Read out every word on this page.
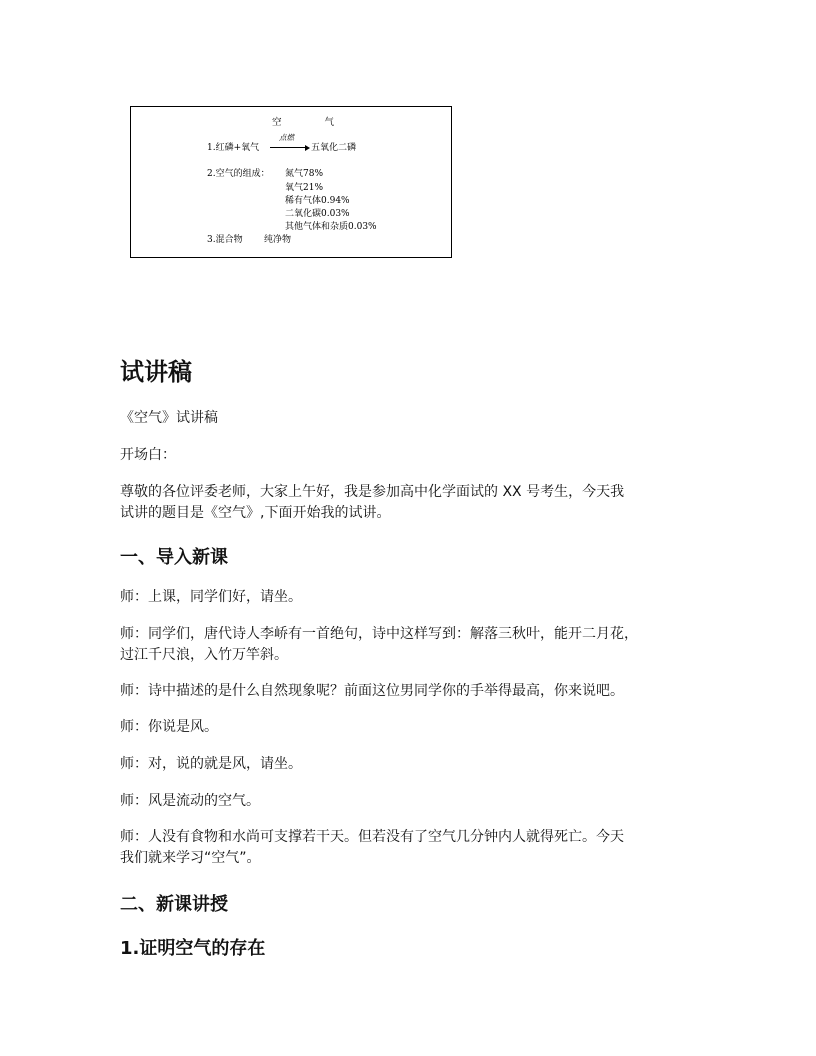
空 气
1.红磷+氧气
点燃
→ 五氧化二磷
2.空气的组成： 氮气78%
氧气21%
稀有气体0.94%
二氧化碳0.03%
其他气体和杂质0.03%
3.混合物 纯净物
试讲稿

《空气》试讲稿

开场白：

尊敬的各位评委老师，大家上午好，我是参加高中化学面试的 XX 号考生，今天我

试讲的题目是《空气》,下面开始我的试讲。

一、导入新课

师：上课，同学们好，请坐。

师：同学们，唐代诗人李峤有一首绝句，诗中这样写到：解落三秋叶，能开二月花，

过江千尺浪，入竹万竿斜。

师：诗中描述的是什么自然现象呢？前面这位男同学你的手举得最高，你来说吧。

师：你说是风。

师：对，说的就是风，请坐。

师：风是流动的空气。

师：人没有食物和水尚可支撑若干天。但若没有了空气几分钟内人就得死亡。今天

我们就来学习“空气”。

二、新课讲授
1.证明空气的存在
